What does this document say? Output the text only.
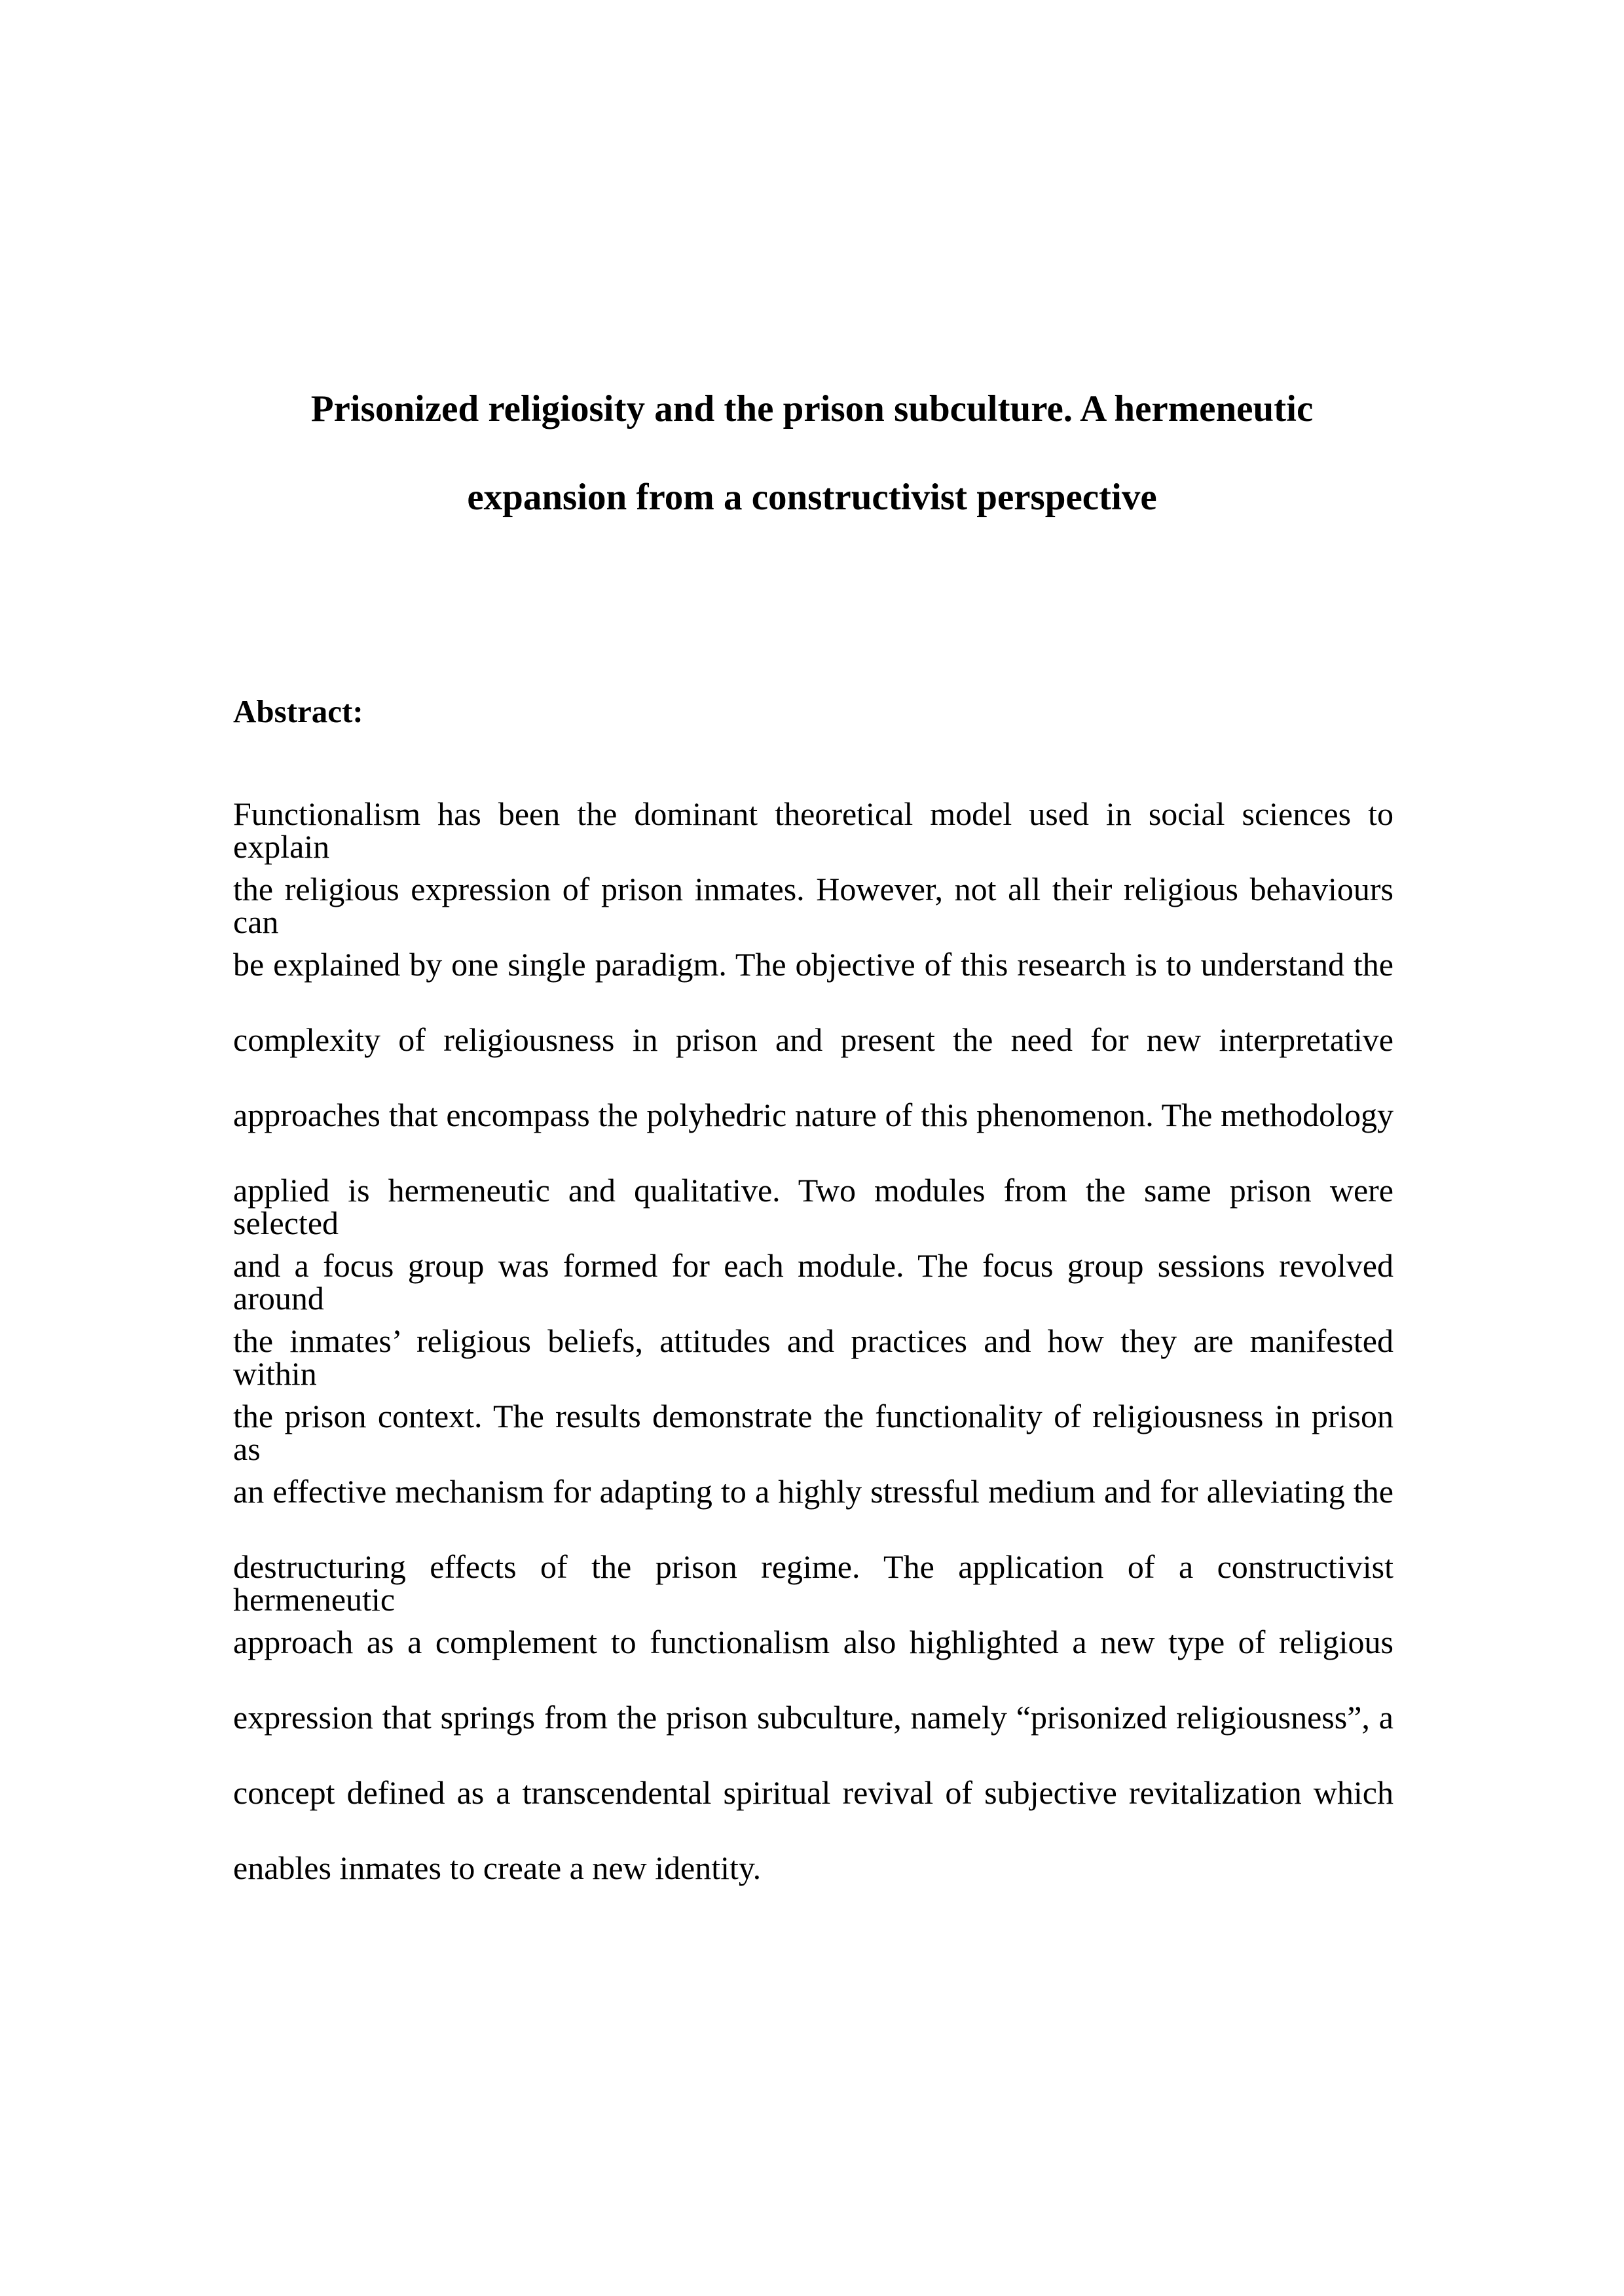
Prisonized religiosity and the prison subculture. A hermeneutic
expansion from a constructivist perspective
Abstract:
Functionalism has been the dominant theoretical model used in social sciences to explain
the religious expression of prison inmates. However, not all their religious behaviours can
be explained by one single paradigm. The objective of this research is to understand the
complexity of religiousness in prison and present the need for new interpretative
approaches that encompass the polyhedric nature of this phenomenon. The methodology
applied is hermeneutic and qualitative. Two modules from the same prison were selected
and a focus group was formed for each module. The focus group sessions revolved around
the inmates’ religious beliefs, attitudes and practices and how they are manifested within
the prison context. The results demonstrate the functionality of religiousness in prison as
an effective mechanism for adapting to a highly stressful medium and for alleviating the
destructuring effects of the prison regime. The application of a constructivist hermeneutic
approach as a complement to functionalism also highlighted a new type of religious
expression that springs from the prison subculture, namely “prisonized religiousness”, a
concept defined as a transcendental spiritual revival of subjective revitalization which
enables inmates to create a new identity.
